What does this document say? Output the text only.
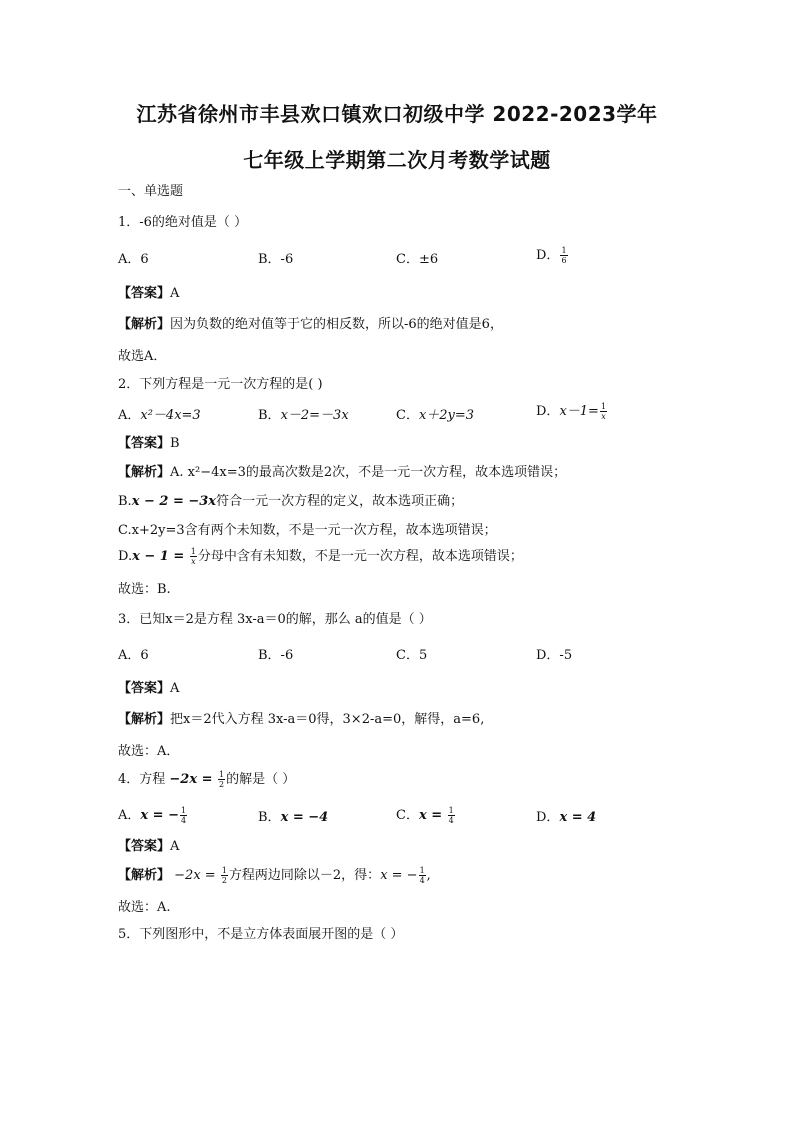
江苏省徐州市丰县欢口镇欢口初级中学 2022-2023学年
七年级上学期第二次月考数学试题
一、单选题
1．-6的绝对值是（ ）
A．6	B．-6	C．±6	D． $\frac{1}{6}$
【答案】A
【解析】因为负数的绝对值等于它的相反数，所以-6的绝对值是6，
故选A．
2．下列方程是一元一次方程的是( )
A．x²－4x=3	B．x－2=－3x	C．x＋2y=3	D．$x-1= \frac{1}{x}$
【答案】B
【解析】A. x²−4x=3的最高次数是2次，不是一元一次方程，故本选项错误；
B.x − 2 = −3x符合一元一次方程的定义，故本选项正确；
C.x+2y=3含有两个未知数，不是一元一次方程，故本选项错误；
$D.x - 1 = \frac{1}{x}$ 分母中含有未知数，不是一元一次方程，故本选项错误；
故选：B.
3．已知x＝2是方程 3x-a＝0的解，那么 a的值是（ ）
A．6	B．-6	C．5	D．-5
【答案】A
【解析】把x＝2代入方程 3x-a＝0得，3×2-a=0，解得，a=6,
故选：A．
4．方程 $-2x = \frac{1}{2}$ 的解是（ ）
A．x = − $\frac{1}{4}$	B．x = −4	C．$x = \frac{1}{4}$	D．x = 4
【答案】A
【解析】 $-2x = \frac{1}{2}$ 方程两边同除以－2，得：x = − $\frac{1}{4}$ ,
故选：A.
5．下列图形中，不是立方体表面展开图的是（ ）
